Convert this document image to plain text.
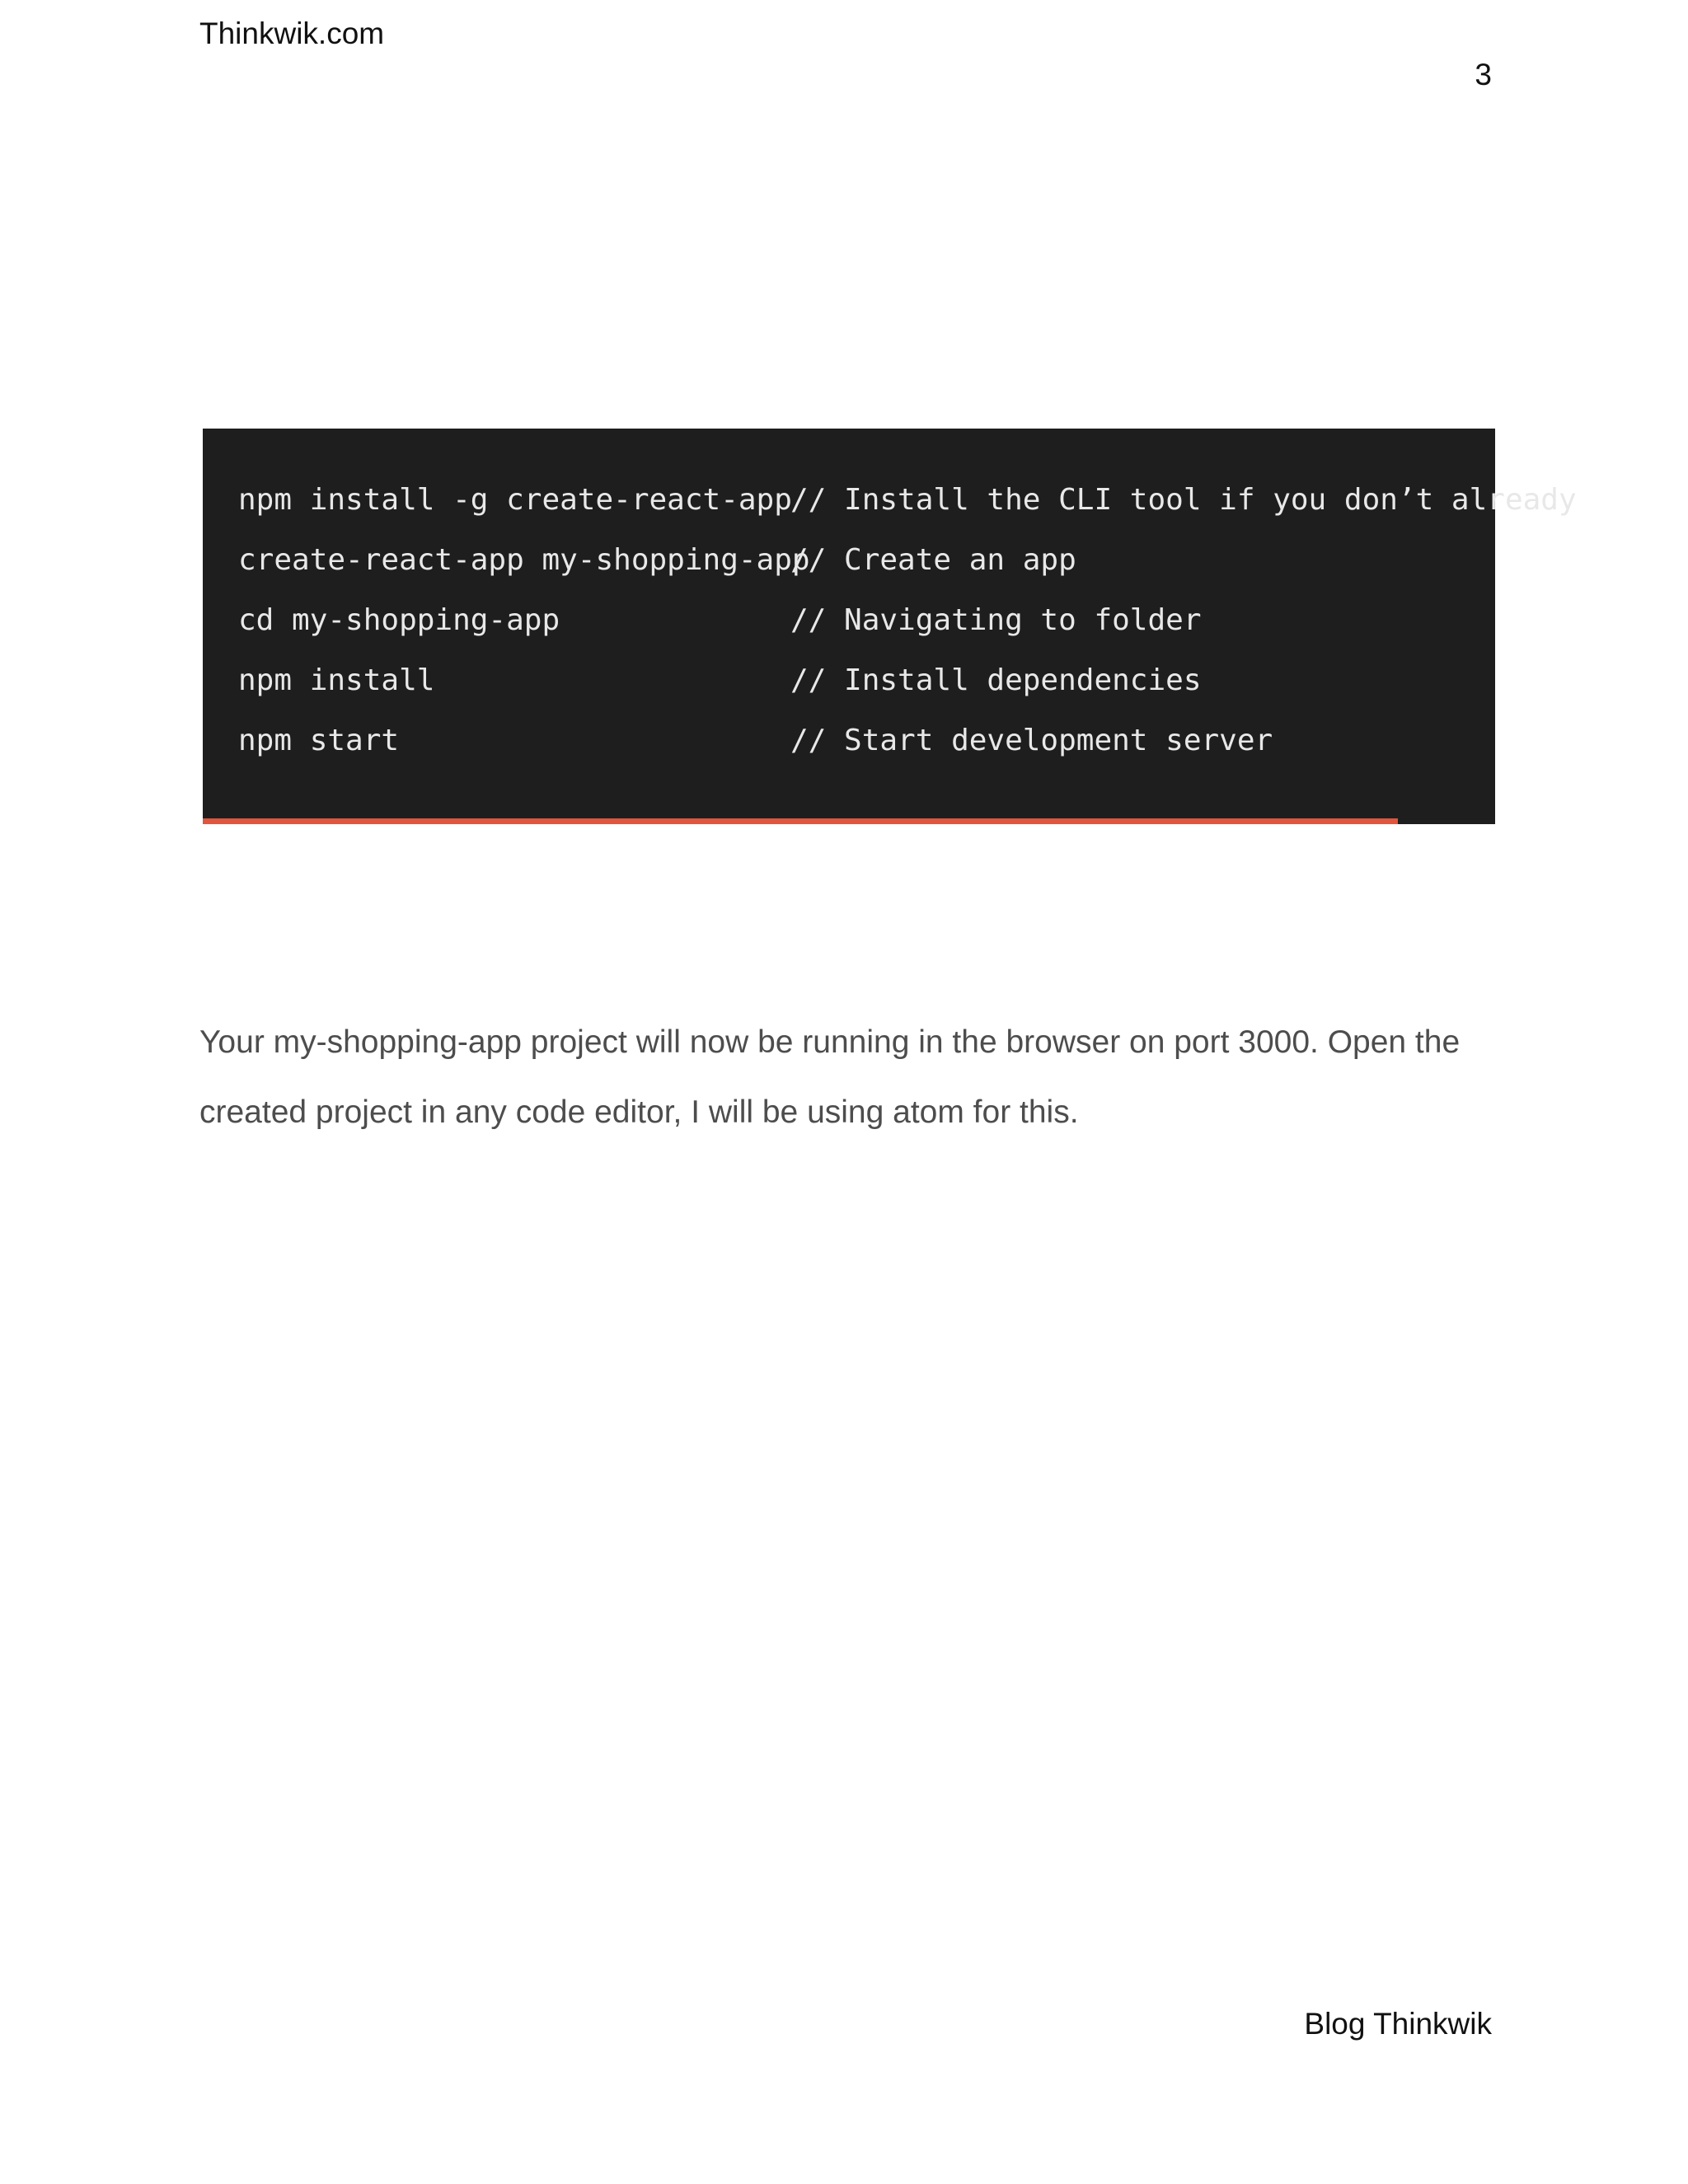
Thinkwik.com
3
npm install -g create-react-app// Install the CLI tool if you don’t already
create-react-app my-shopping-app// Create an app
cd my-shopping-app	// Navigating to folder
npm install	// Install dependencies
npm start	// Start development server
Your my-shopping-app project will now be running in the browser on port 3000. Open the created project in any code editor, I will be using atom for this.
Blog Thinkwik
